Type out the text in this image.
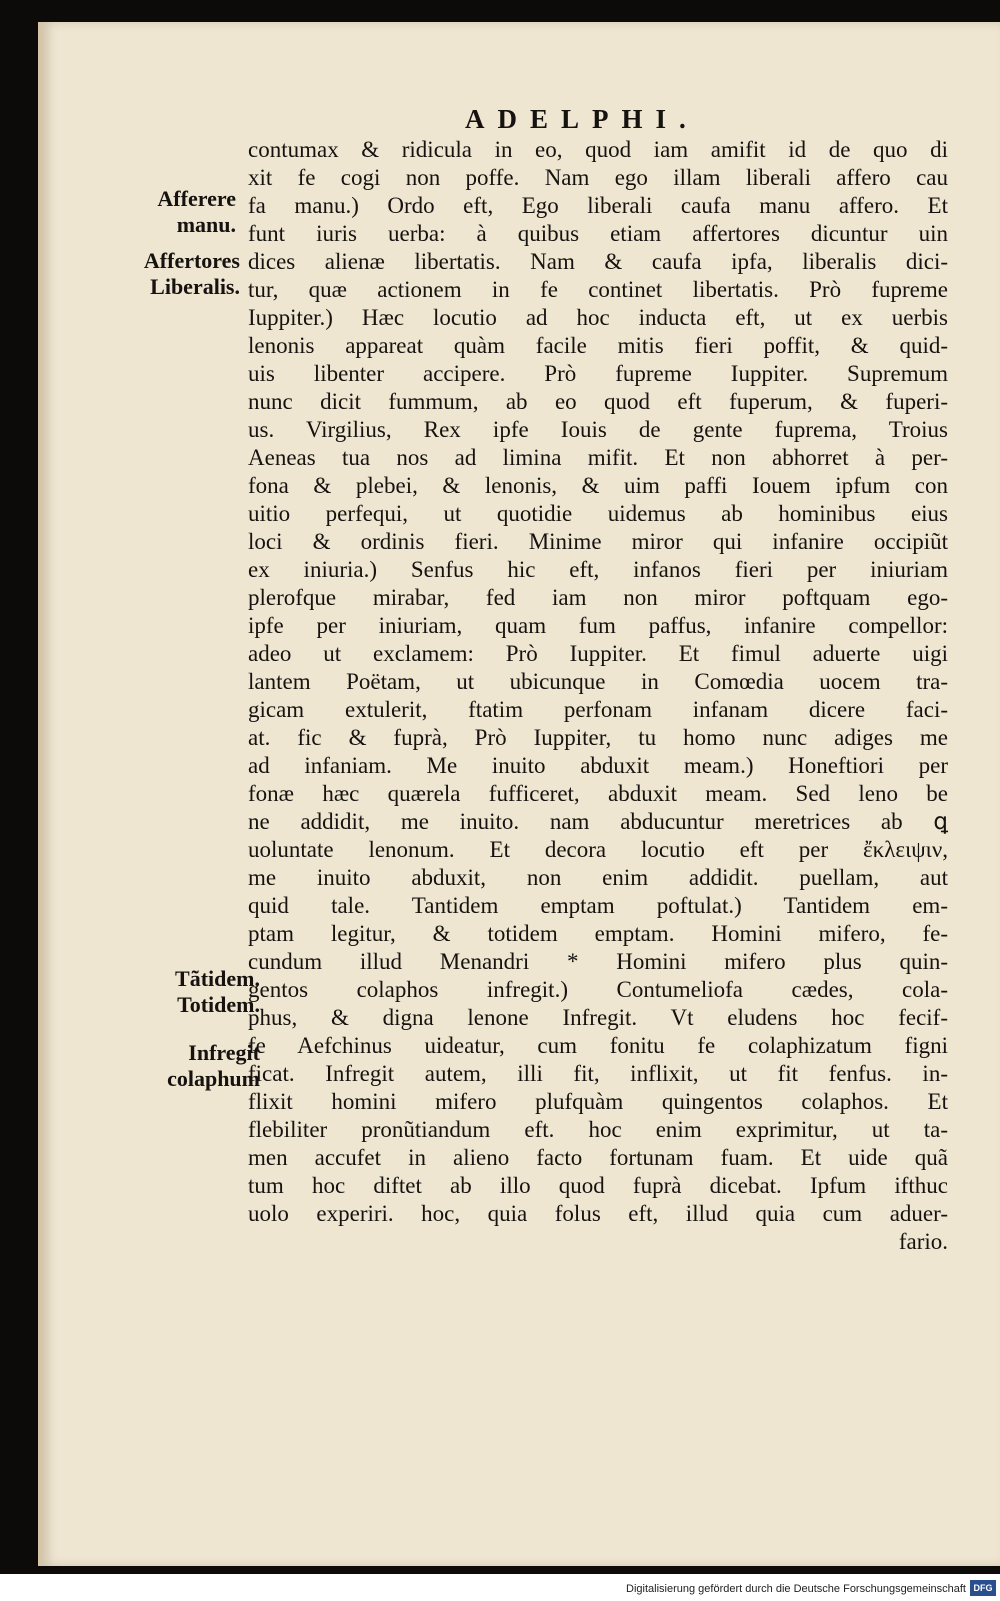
ADELPHI.
Afferere manu.
Affertores Liberalis.
Tãtidem. Totidem.
Infregit colaphum
contumax & ridicula in eo, quod iam amifit id de quo di
xit fe cogi non poffe. Nam ego illam liberali affero cau
fa manu.) Ordo eft, Ego liberali caufa manu affero. Et
funt iuris uerba: à quibus etiam affertores dicuntur uin
dices alienæ libertatis. Nam & caufa ipfa, liberalis dici-
tur, quæ actionem in fe continet libertatis. Prò fupreme
Iuppiter.) Hæc locutio ad hoc inducta eft, ut ex uerbis
lenonis appareat quàm facile mitis fieri poffit, & quid-
uis libenter accipere. Prò fupreme Iuppiter. Supremum
nunc dicit fummum, ab eo quod eft fuperum, & fuperi-
us. Virgilius, Rex ipfe Iouis de gente fuprema, Troius
Aeneas tua nos ad limina mifit. Et non abhorret à per-
fona & plebei, & lenonis, & uim paffi Iouem ipfum con
uitio perfequi, ut quotidie uidemus ab hominibus eius
loci & ordinis fieri. Minime miror qui infanire occipiũt
ex iniuria.) Senfus hic eft, infanos fieri per iniuriam
plerofque mirabar, fed iam non miror poftquam ego-
ipfe per iniuriam, quam fum paffus, infanire compellor:
adeo ut exclamem: Prò Iuppiter. Et fimul aduerte uigi
lantem Poëtam, ut ubicunque in Comœdia uocem tra-
gicam extulerit, ftatim perfonam infanam dicere faci-
at. fic & fuprà, Prò Iuppiter, tu homo nunc adiges me
ad infaniam. Me inuito abduxit meam.) Honeftiori per
fonæ hæc quærela fufficeret, abduxit meam. Sed leno be
ne addidit, me inuito. nam abducuntur meretrices ab ꝗ
uoluntate lenonum. Et decora locutio eft per ἔκλειψιν,
me inuito abduxit, non enim addidit. puellam, aut
quid tale. Tantidem emptam poftulat.) Tantidem em-
ptam legitur, & totidem emptam. Homini mifero, fe-
cundum illud Menandri * Homini mifero plus quin-
gentos colaphos infregit.) Contumeliofa cædes, cola-
phus, & digna lenone Infregit. Vt eludens hoc fecif-
fe Aefchinus uideatur, cum fonitu fe colaphizatum figni
ficat. Infregit autem, illi fit, inflixit, ut fit fenfus. in-
flixit homini mifero plufquàm quingentos colaphos. Et
flebiliter pronũtiandum eft. hoc enim exprimitur, ut ta-
men accufet in alieno facto fortunam fuam. Et uide quã
tum hoc diftet ab illo quod fuprà dicebat. Ipfum ifthuc
uolo experiri. hoc, quia folus eft, illud quia cum aduer-
fario.
Digitalisierung gefördert durch die Deutsche Forschungsgemeinschaft DFG
